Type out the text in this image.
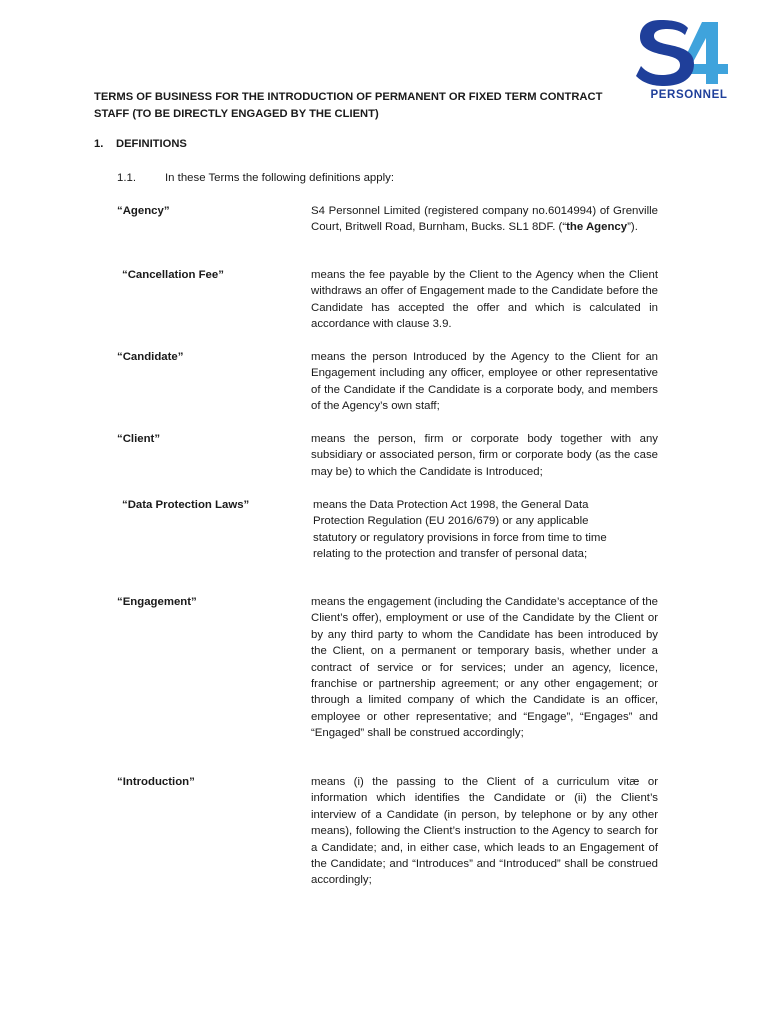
PERSONNEL

TERMS OF BUSINESS FOR THE INTRODUCTION OF PERMANENT OR FIXED TERM CONTRACT STAFF (TO BE DIRECTLY ENGAGED BY THE CLIENT)

1. DEFINITIONS

1.1.	In these Terms the following definitions apply:

“Agency”	S4 Personnel Limited (registered company no.6014994) of Grenville Court, Britwell Road, Burnham, Bucks. SL1 8DF. (“the Agency”).

“Cancellation Fee”	means the fee payable by the Client to the Agency when the Client withdraws an offer of Engagement made to the Candidate before the Candidate has accepted the offer and which is calculated in accordance with clause 3.9.

“Candidate”	means the person Introduced by the Agency to the Client for an Engagement including any officer, employee or other representative of the Candidate if the Candidate is a corporate body, and members of the Agency’s own staff;

“Client”	means the person, firm or corporate body together with any subsidiary or associated person, firm or corporate body (as the case may be) to which the Candidate is Introduced;

“Data Protection Laws”	means the Data Protection Act 1998, the General Data Protection Regulation (EU 2016/679) or any applicable statutory or regulatory provisions in force from time to time relating to the protection and transfer of personal data;

“Engagement”	means the engagement (including the Candidate’s acceptance of the Client’s offer), employment or use of the Candidate by the Client or by any third party to whom the Candidate has been introduced by the Client, on a permanent or temporary basis, whether under a contract of service or for services; under an agency, licence, franchise or partnership agreement; or any other engagement; or through a limited company of which the Candidate is an officer, employee or other representative; and “Engage”, “Engages” and “Engaged” shall be construed accordingly;

“Introduction”	means (i) the passing to the Client of a curriculum vitæ or information which identifies the Candidate or (ii) the Client’s interview of a Candidate (in person, by telephone or by any other means), following the Client’s instruction to the Agency to search for a Candidate; and, in either case, which leads to an Engagement of the Candidate; and “Introduces” and “Introduced” shall be construed accordingly;
